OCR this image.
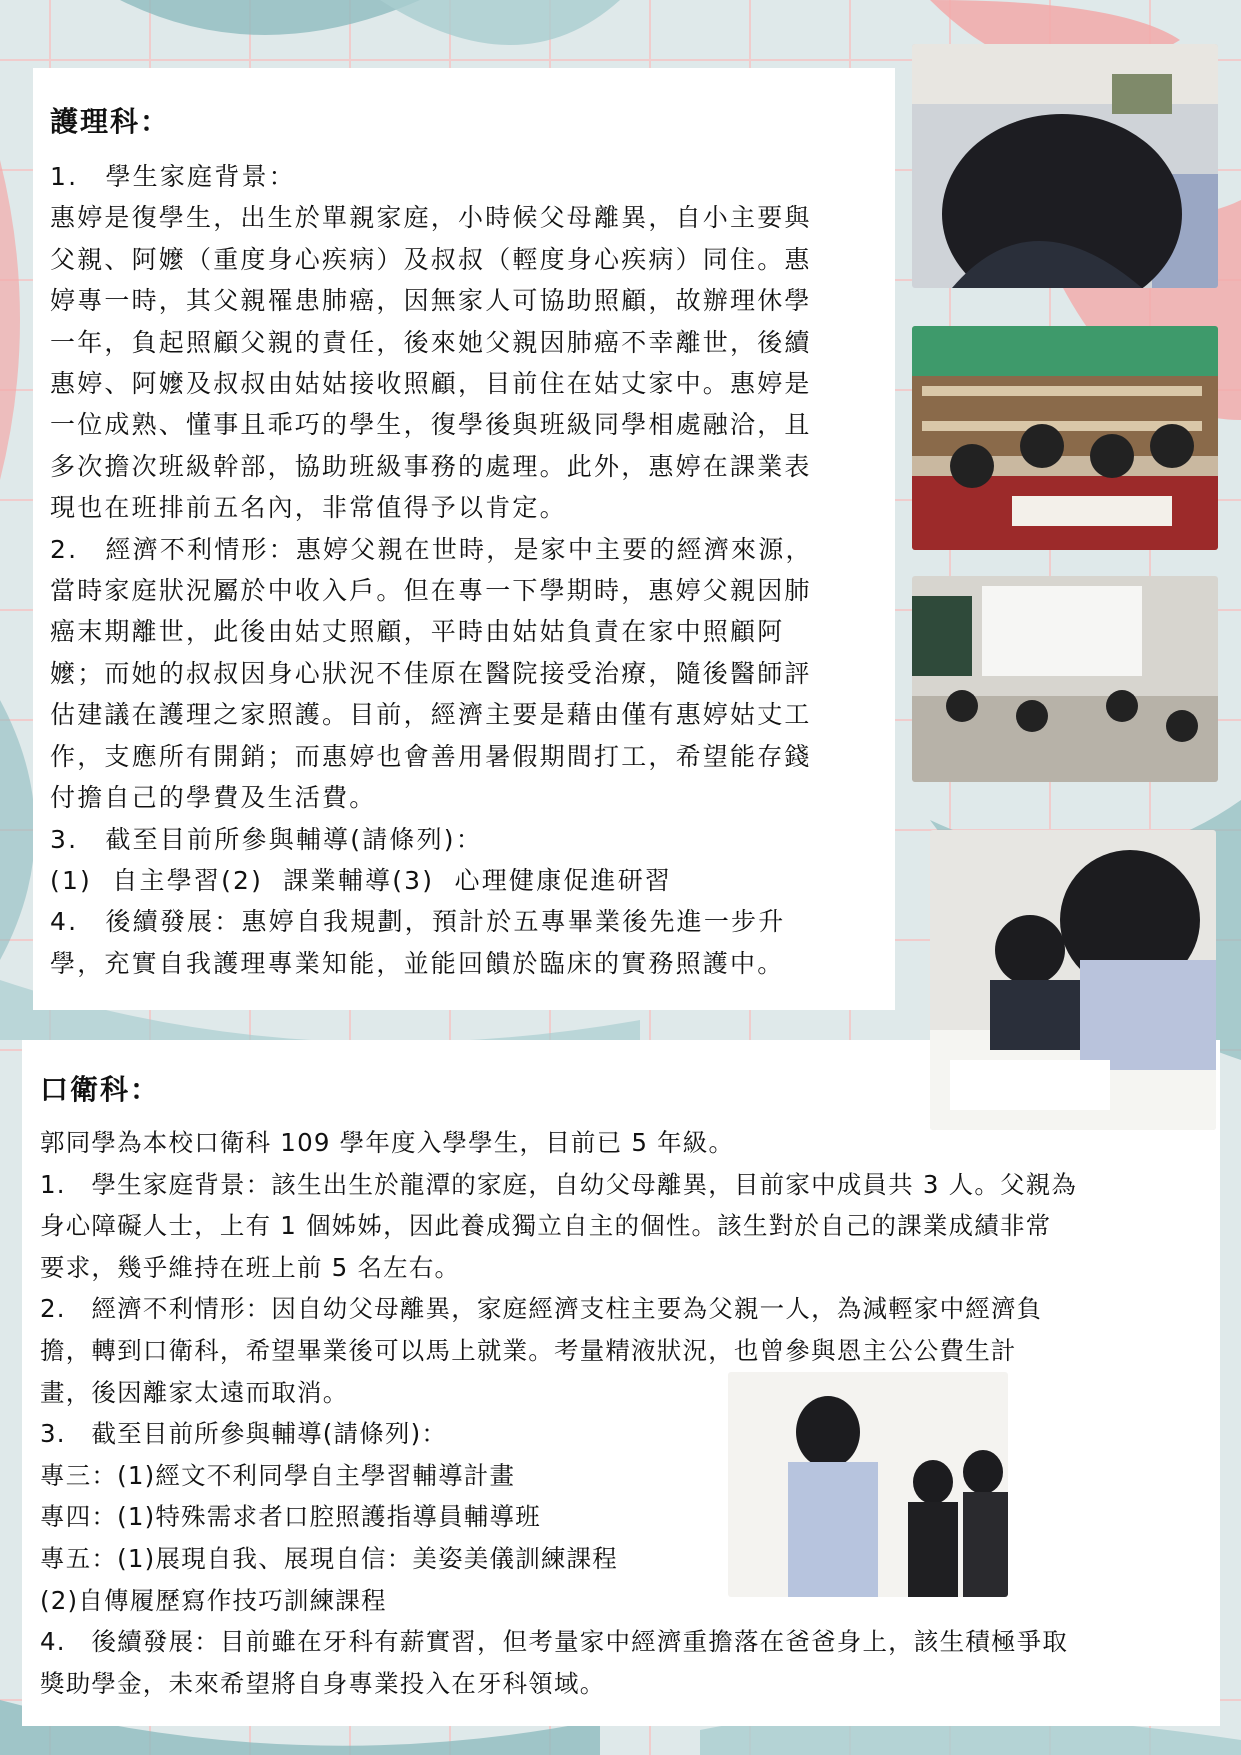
護理科：

1.　學生家庭背景：

惠婷是復學生，出生於單親家庭，小時候父母離異，自小主要與

父親、阿嬤（重度身心疾病）及叔叔（輕度身心疾病）同住。惠

婷專一時，其父親罹患肺癌，因無家人可協助照顧，故辦理休學

一年，負起照顧父親的責任，後來她父親因肺癌不幸離世，後續

惠婷、阿嬤及叔叔由姑姑接收照顧，目前住在姑丈家中。惠婷是

一位成熟、懂事且乖巧的學生，復學後與班級同學相處融洽，且

多次擔次班級幹部，協助班級事務的處理。此外，惠婷在課業表

現也在班排前五名內，非常值得予以肯定。

2.　經濟不利情形：惠婷父親在世時，是家中主要的經濟來源，

當時家庭狀況屬於中收入戶。但在專一下學期時，惠婷父親因肺

癌末期離世，此後由姑丈照顧，平時由姑姑負責在家中照顧阿

嬤；而她的叔叔因身心狀況不佳原在醫院接受治療，隨後醫師評

估建議在護理之家照護。目前，經濟主要是藉由僅有惠婷姑丈工

作，支應所有開銷；而惠婷也會善用暑假期間打工，希望能存錢

付擔自己的學費及生活費。

3.　截至目前所參與輔導(請條列)：

(1)  自主學習(2)  課業輔導(3)  心理健康促進研習

4.　後續發展：惠婷自我規劃，預計於五專畢業後先進一步升

學，充實自我護理專業知能，並能回饋於臨床的實務照護中。

口衛科：

郭同學為本校口衛科 109 學年度入學學生，目前已 5 年級。

1.　學生家庭背景：該生出生於龍潭的家庭，自幼父母離異，目前家中成員共 3 人。父親為

身心障礙人士，上有 1 個姊姊，因此養成獨立自主的個性。該生對於自己的課業成績非常

要求，幾乎維持在班上前 5 名左右。

2.　經濟不利情形：因自幼父母離異，家庭經濟支柱主要為父親一人，為減輕家中經濟負

擔，轉到口衛科，希望畢業後可以馬上就業。考量精液狀況，也曾參與恩主公公費生計

畫，後因離家太遠而取消。

3.　截至目前所參與輔導(請條列)：

專三：(1)經文不利同學自主學習輔導計畫

專四：(1)特殊需求者口腔照護指導員輔導班

專五：(1)展現自我、展現自信：美姿美儀訓練課程

(2)自傳履歷寫作技巧訓練課程

4.　後續發展：目前雖在牙科有薪實習，但考量家中經濟重擔落在爸爸身上，該生積極爭取

獎助學金，未來希望將自身專業投入在牙科領域。
